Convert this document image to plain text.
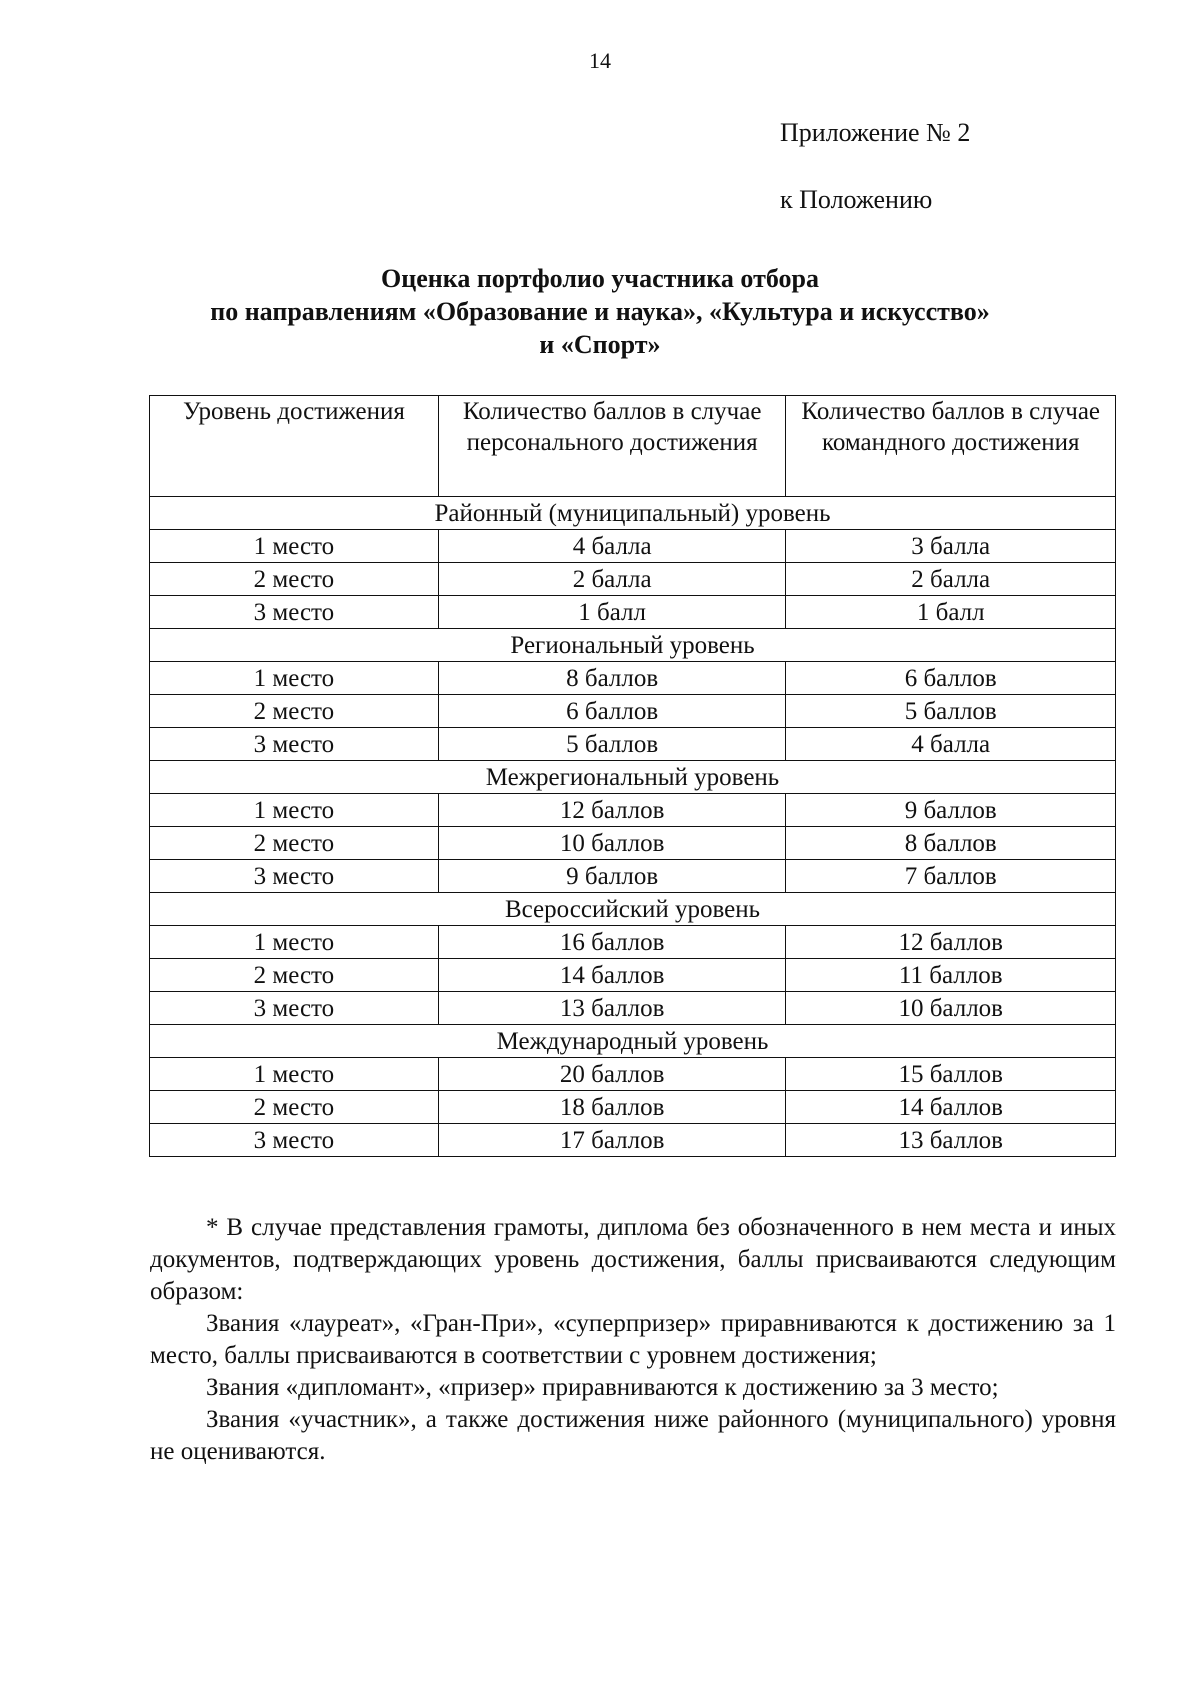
14
Приложение № 2
к Положению
Оценка портфолио участника отбора
по направлениям «Образование и наука», «Культура и искусство»
и «Спорт»
Уровень достижения	Количество баллов в случае персонального достижения	Количество баллов в случае командного достижения
Районный (муниципальный) уровень		
1 место	4 балла	3 балла
2 место	2 балла	2 балла
3 место	1 балл	1 балл
Региональный уровень		
1 место	8 баллов	6 баллов
2 место	6 баллов	5 баллов
3 место	5 баллов	4 балла
Межрегиональный уровень		
1 место	12 баллов	9 баллов
2 место	10 баллов	8 баллов
3 место	9 баллов	7 баллов
Всероссийский уровень		
1 место	16 баллов	12 баллов
2 место	14 баллов	11 баллов
3 место	13 баллов	10 баллов
Международный уровень		
1 место	20 баллов	15 баллов
2 место	18 баллов	14 баллов
3 место	17 баллов	13 баллов

* В случае представления грамоты, диплома без обозначенного в нем места и иных документов, подтверждающих уровень достижения, баллы присваиваются следующим образом:

Звания «лауреат», «Гран-При», «суперпризер» приравниваются к достижению за 1 место, баллы присваиваются в соответствии с уровнем достижения;

Звания «дипломант», «призер» приравниваются к достижению за 3 место;

Звания «участник», а также достижения ниже районного (муниципального) уровня не оцениваются.
